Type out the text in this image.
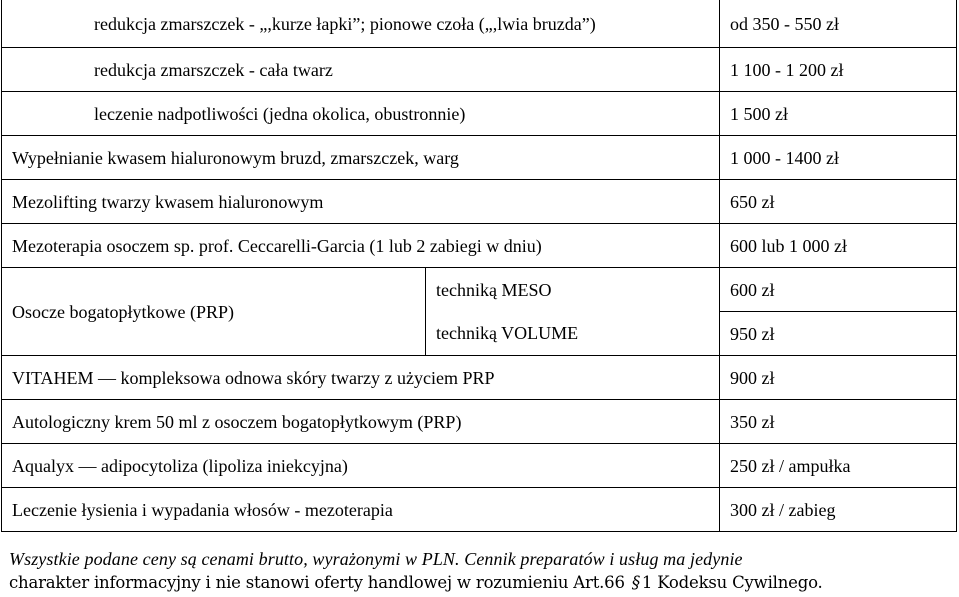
redukcja zmarszczek - „,kurze łapki”; pionowe czoła („,lwia bruzda”)		od 350 - 550 zł
redukcja zmarszczek - cała twarz		1 100 - 1 200 zł
leczenie nadpotliwości (jedna okolica, obustronnie)		1 500 zł
Wypełnianie kwasem hialuronowym bruzd, zmarszczek, warg		1 000 - 1400 zł
Mezolifting twarzy kwasem hialuronowym		650 zł
Mezoterapia osoczem sp. prof. Ceccarelli-Garcia (1 lub 2 zabiegi w dniu)		600 lub 1 000 zł
Osocze bogatopłytkowe (PRP)	techniką MESO	600 zł
	techniką VOLUME	950 zł
VITAHEM — kompleksowa odnowa skóry twarzy z użyciem PRP		900 zł
Autologiczny krem 50 ml z osoczem bogatopłytkowym (PRP)		350 zł
Aqualyx — adipocytoliza (lipoliza iniekcyjna)		250 zł / ampułka
Leczenie łysienia i wypadania włosów - mezoterapia		300 zł / zabieg
Wszystkie podane ceny są cenami brutto, wyrażonymi w PLN. Cennik preparatów i usług ma jedynie
charakter informacyjny i nie stanowi oferty handlowej w rozumieniu Art.66 § 1 Kodeksu Cywilnego.
